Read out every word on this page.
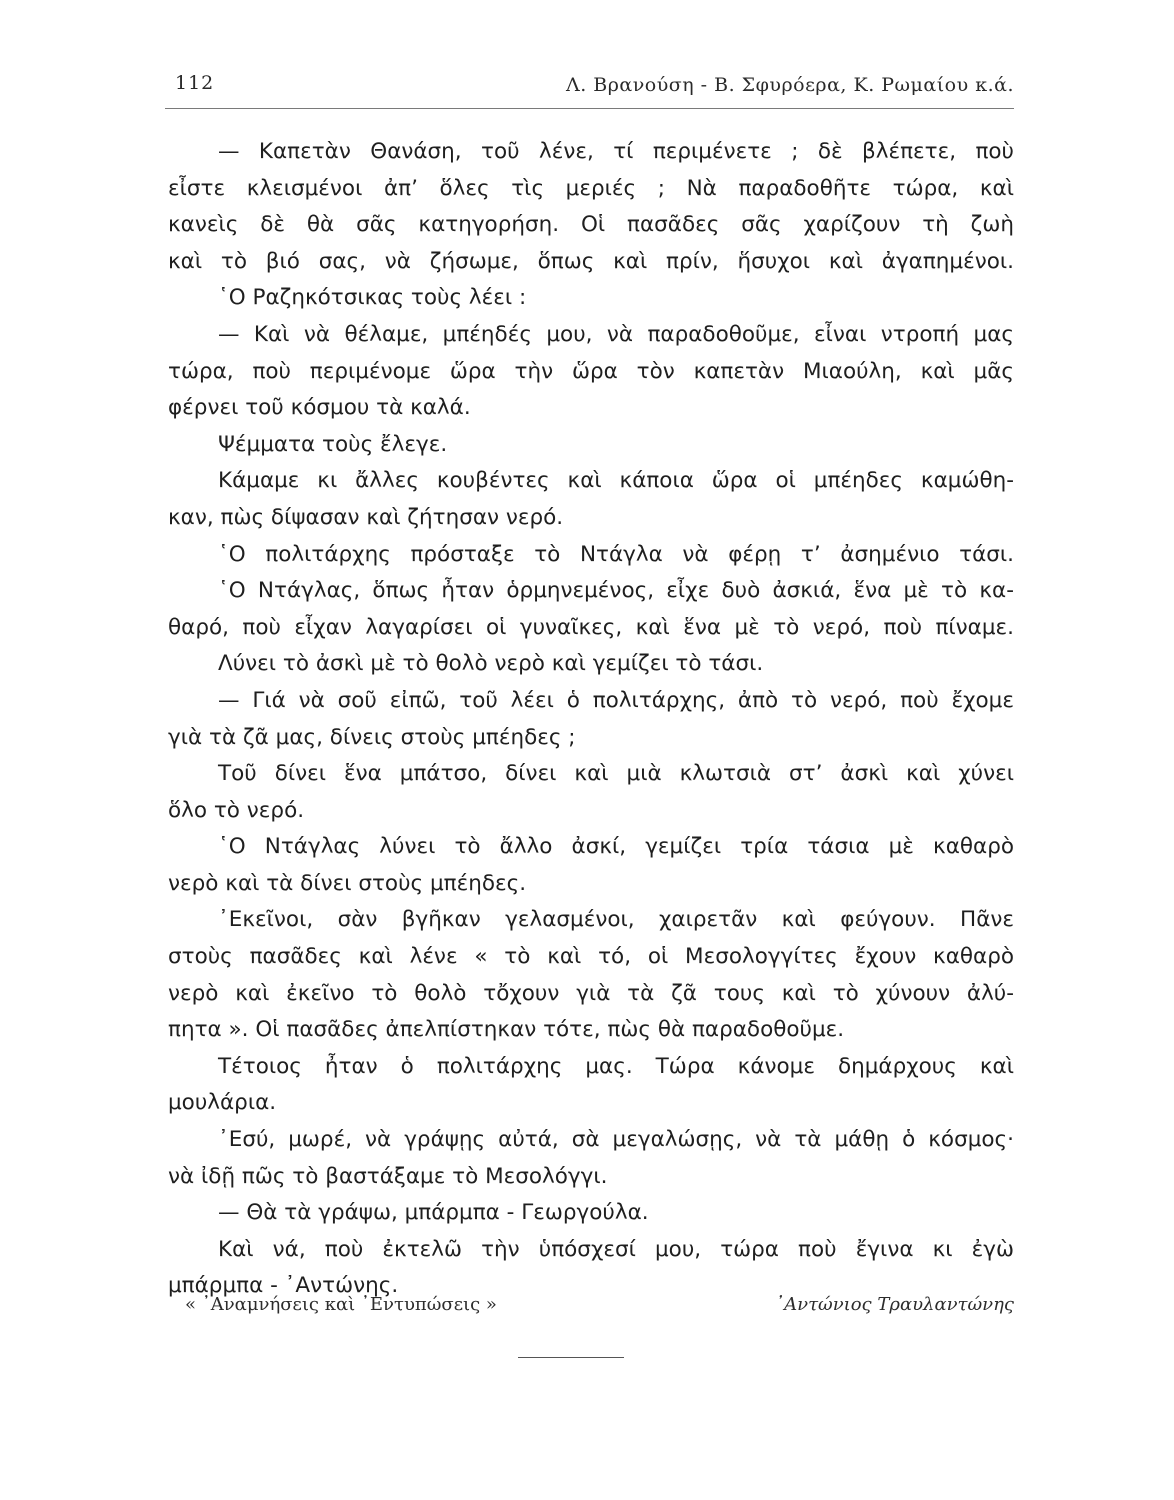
112	Λ. Βρανούση - Β. Σφυρόερα, Κ. Ρωμαίου κ.ά.
— Καπετὰν Θανάση, τοῦ λένε, τί περιμένετε ; δὲ βλέπετε, ποὺ
εἶστε κλεισμένοι ἀπ’ ὅλες τὶς μεριές ; Νὰ παραδοθῆτε τώρα, καὶ
κανεὶς δὲ θὰ σᾶς κατηγορήση. Οἱ πασᾶδες σᾶς χαρίζουν τὴ ζωὴ
καὶ τὸ βιό σας, νὰ ζήσωμε, ὅπως καὶ πρίν, ἥσυχοι καὶ ἀγαπημένοι.
῾Ο Ραζηκότσικας τοὺς λέει :
— Καὶ νὰ θέλαμε, μπέηδές μου, νὰ παραδοθοῦμε, εἶναι ντροπή μας
τώρα, ποὺ περιμένομε ὥρα τὴν ὥρα τὸν καπετὰν Μιαούλη, καὶ μᾶς
φέρνει τοῦ κόσμου τὰ καλά.
Ψέμματα τοὺς ἔλεγε.
Κάμαμε κι ἄλλες κουβέντες καὶ κάποια ὥρα οἱ μπέηδες καμώθη-
καν, πὼς δίψασαν καὶ ζήτησαν νερό.
῾Ο πολιτάρχης πρόσταξε τὸ Ντάγλα νὰ φέρῃ τ’ ἀσημένιο τάσι.
῾Ο Ντάγλας, ὅπως ἦταν ὁρμηνεμένος, εἶχε δυὸ ἀσκιά, ἕνα μὲ τὸ κα-
θαρό, ποὺ εἶχαν λαγαρίσει οἱ γυναῖκες, καὶ ἕνα μὲ τὸ νερό, ποὺ πίναμε.
Λύνει τὸ ἀσκὶ μὲ τὸ θολὸ νερὸ καὶ γεμίζει τὸ τάσι.
— Γιά νὰ σοῦ εἰπῶ, τοῦ λέει ὁ πολιτάρχης, ἀπὸ τὸ νερό, ποὺ ἔχομε
γιὰ τὰ ζᾶ μας, δίνεις στοὺς μπέηδες ;
Τοῦ δίνει ἕνα μπάτσο, δίνει καὶ μιὰ κλωτσιὰ στ’ ἀσκὶ καὶ χύνει
ὅλο τὸ νερό.
῾Ο Ντάγλας λύνει τὸ ἄλλο ἀσκί, γεμίζει τρία τάσια μὲ καθαρὸ
νερὸ καὶ τὰ δίνει στοὺς μπέηδες.
᾽Εκεῖνοι, σὰν βγῆκαν γελασμένοι, χαιρετᾶν καὶ φεύγουν. Πᾶνε
στοὺς πασᾶδες καὶ λένε « τὸ καὶ τό, οἱ Μεσολογγίτες ἔχουν καθαρὸ
νερὸ καὶ ἐκεῖνο τὸ θολὸ τὄχουν γιὰ τὰ ζᾶ τους καὶ τὸ χύνουν ἀλύ-
πητα ». Οἱ πασᾶδες ἀπελπίστηκαν τότε, πὼς θὰ παραδοθοῦμε.
Τέτοιος ἦταν ὁ πολιτάρχης μας. Τώρα κάνομε δημάρχους καὶ
μουλάρια.
᾽Εσύ, μωρέ, νὰ γράψῃς αὐτά, σὰ μεγαλώσῃς, νὰ τὰ μάθῃ ὁ κόσμος·
νὰ ἰδῇ πῶς τὸ βαστάξαμε τὸ Μεσολόγγι.
— Θὰ τὰ γράψω, μπάρμπα - Γεωργούλα.
Καὶ νά, ποὺ ἐκτελῶ τὴν ὑπόσχεσί μου, τώρα ποὺ ἔγινα κι ἐγὼ
μπάρμπα - ᾽Αντώνης.
« ᾽Αναμνήσεις καὶ ᾽Εντυπώσεις »	᾽Αντώνιος Τραυλαντώνης
